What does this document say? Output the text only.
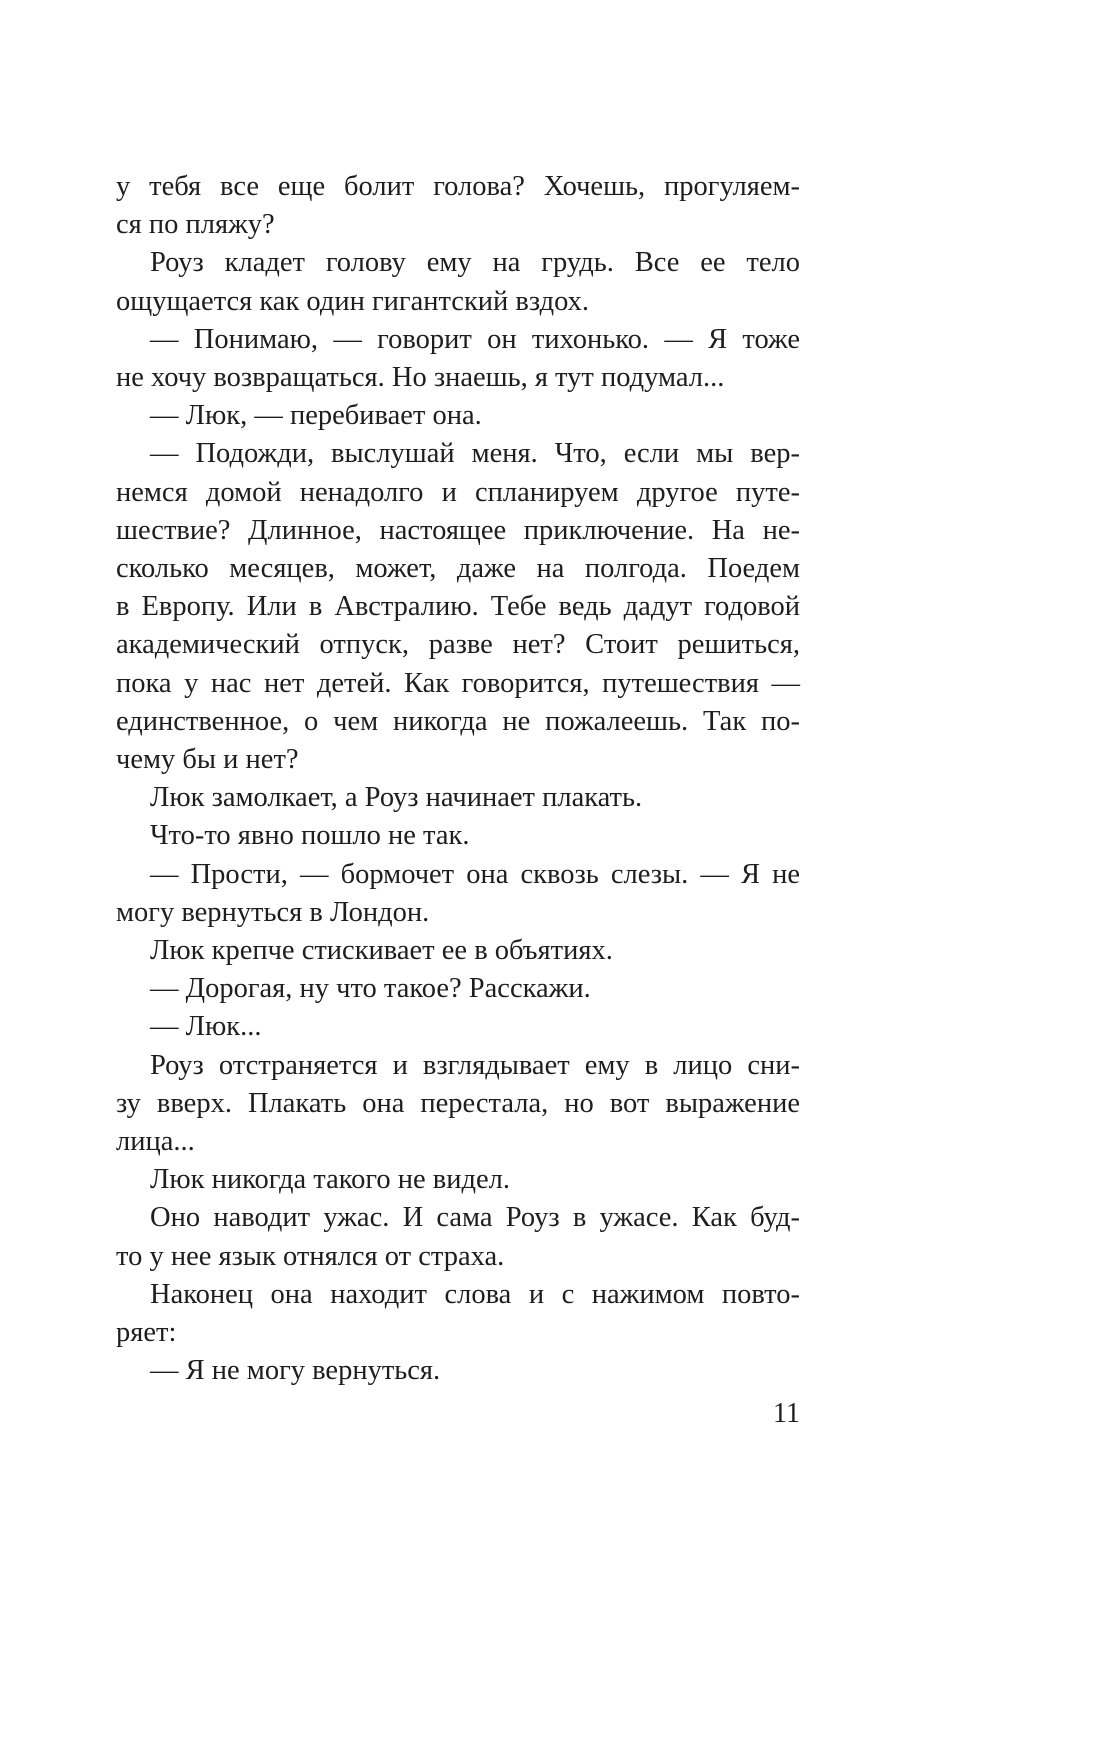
у тебя все еще болит голова? Хочешь, прогуляем-
ся по пляжу?
Роуз кладет голову ему на грудь. Все ее тело
ощущается как один гигантский вздох.
— Понимаю, — говорит он тихонько. — Я тоже
не хочу возвращаться. Но знаешь, я тут подумал...
— Люк, — перебивает она.
— Подожди, выслушай меня. Что, если мы вер-
немся домой ненадолго и спланируем другое путе-
шествие? Длинное, настоящее приключение. На не-
сколько месяцев, может, даже на полгода. Поедем
в Европу. Или в Австралию. Тебе ведь дадут годовой
академический отпуск, разве нет? Стоит решиться,
пока у нас нет детей. Как говорится, путешествия —
единственное, о чем никогда не пожалеешь. Так по-
чему бы и нет?
Люк замолкает, а Роуз начинает плакать.
Что-то явно пошло не так.
— Прости, — бормочет она сквозь слезы. — Я не
могу вернуться в Лондон.
Люк крепче стискивает ее в объятиях.
— Дорогая, ну что такое? Расскажи.
— Люк...
Роуз отстраняется и взглядывает ему в лицо сни-
зу вверх. Плакать она перестала, но вот выражение
лица...
Люк никогда такого не видел.
Оно наводит ужас. И сама Роуз в ужасе. Как буд-
то у нее язык отнялся от страха.
Наконец она находит слова и с нажимом повто-
ряет:
— Я не могу вернуться.
11
